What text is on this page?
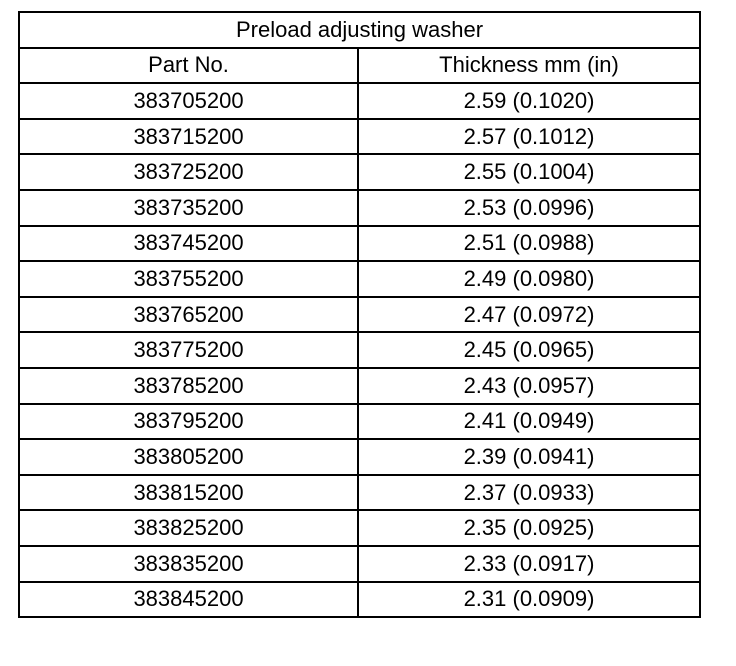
Preload adjusting washer	
Part No.	Thickness mm (in)
383705200	2.59 (0.1020)
383715200	2.57 (0.1012)
383725200	2.55 (0.1004)
383735200	2.53 (0.0996)
383745200	2.51 (0.0988)
383755200	2.49 (0.0980)
383765200	2.47 (0.0972)
383775200	2.45 (0.0965)
383785200	2.43 (0.0957)
383795200	2.41 (0.0949)
383805200	2.39 (0.0941)
383815200	2.37 (0.0933)
383825200	2.35 (0.0925)
383835200	2.33 (0.0917)
383845200	2.31 (0.0909)
